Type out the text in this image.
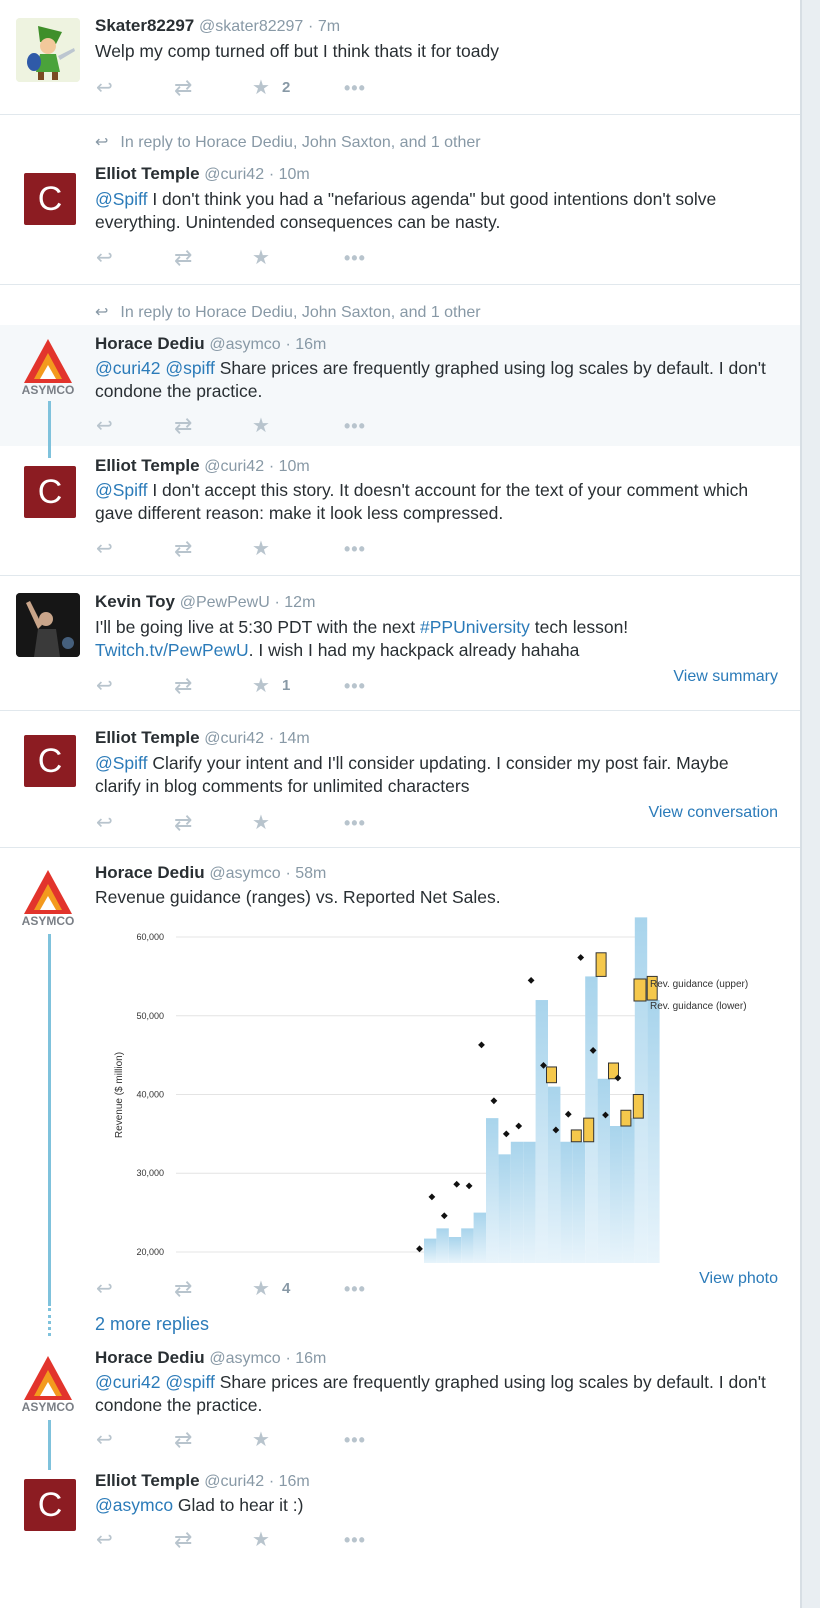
Skater82297 @skater82297 · 7m
Welp my comp turned off but I think thats it for toady
↩	⇄	★ 2	•••
↩ In reply to Horace Dediu, John Saxton, and 1 other
C
Elliot Temple @curi42 · 10m
@Spiff I don't think you had a "nefarious agenda" but good intentions don't solve everything. Unintended consequences can be nasty.
↩	⇄	★	•••
↩ In reply to Horace Dediu, John Saxton, and 1 other
ASYMCO
Horace Dediu @asymco · 16m
@curi42 @spiff Share prices are frequently graphed using log scales by default. I don't condone the practice.
↩	⇄	★	•••
C
Elliot Temple @curi42 · 10m
@Spiff I don't accept this story. It doesn't account for the text of your comment which gave different reason: make it look less compressed.
↩	⇄	★	•••
Kevin Toy @PewPewU · 12m
I'll be going live at 5:30 PDT with the next #PPUniversity tech lesson!
Twitch.tv/PewPewU. I wish I had my hackpack already hahaha
View summary
↩	⇄	★ 1	•••
C
Elliot Temple @curi42 · 14m
@Spiff Clarify your intent and I'll consider updating. I consider my post fair. Maybe clarify in blog comments for unlimited characters
View conversation
↩	⇄	★	•••
ASYMCO
Horace Dediu @asymco · 58m
Revenue guidance (ranges) vs. Reported Net Sales.
View photo
↩	⇄	★ 4	•••
2 more replies
ASYMCO
Horace Dediu @asymco · 16m
@curi42 @spiff Share prices are frequently graphed using log scales by default. I don't condone the practice.
↩	⇄	★	•••
C
Elliot Temple @curi42 · 16m
@asymco Glad to hear it :)
↩	⇄	★	•••
60,000
50,000
40,000
30,000
20,000
Revenue ($ million)
Rev. guidance (upper)
Rev. guidance (lower)
